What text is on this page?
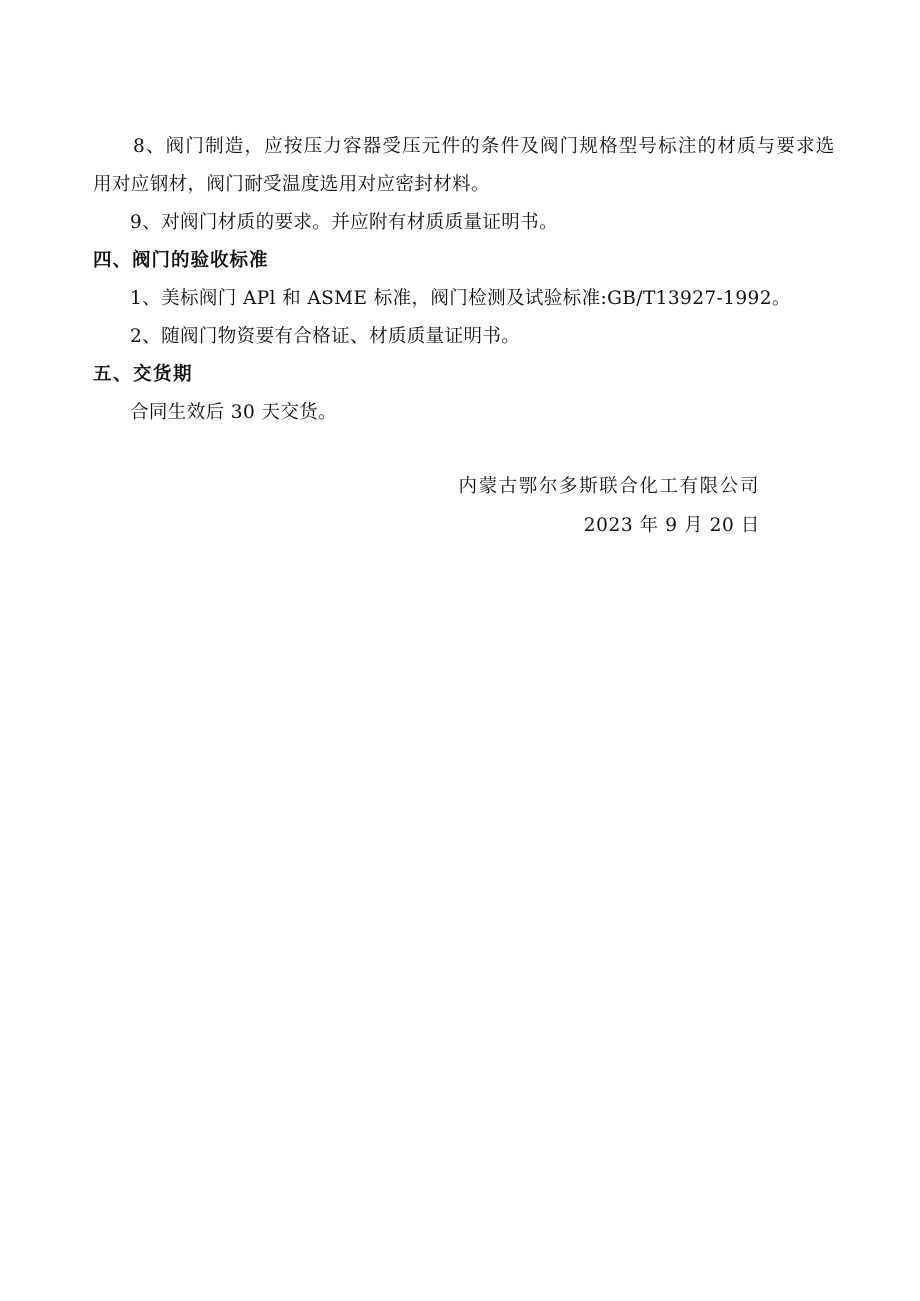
8、阀门制造，应按压力容器受压元件的条件及阀门规格型号标注的材质与要求选
用对应钢材，阀门耐受温度选用对应密封材料。
9、对阀门材质的要求。并应附有材质质量证明书。
四、阀门的验收标准
1、美标阀门 APl 和 ASME 标准，阀门检测及试验标准:GB/T13927-1992。
2、随阀门物资要有合格证、材质质量证明书。
五、交货期
合同生效后 30 天交货。
内蒙古鄂尔多斯联合化工有限公司
2023 年 9 月 20 日
